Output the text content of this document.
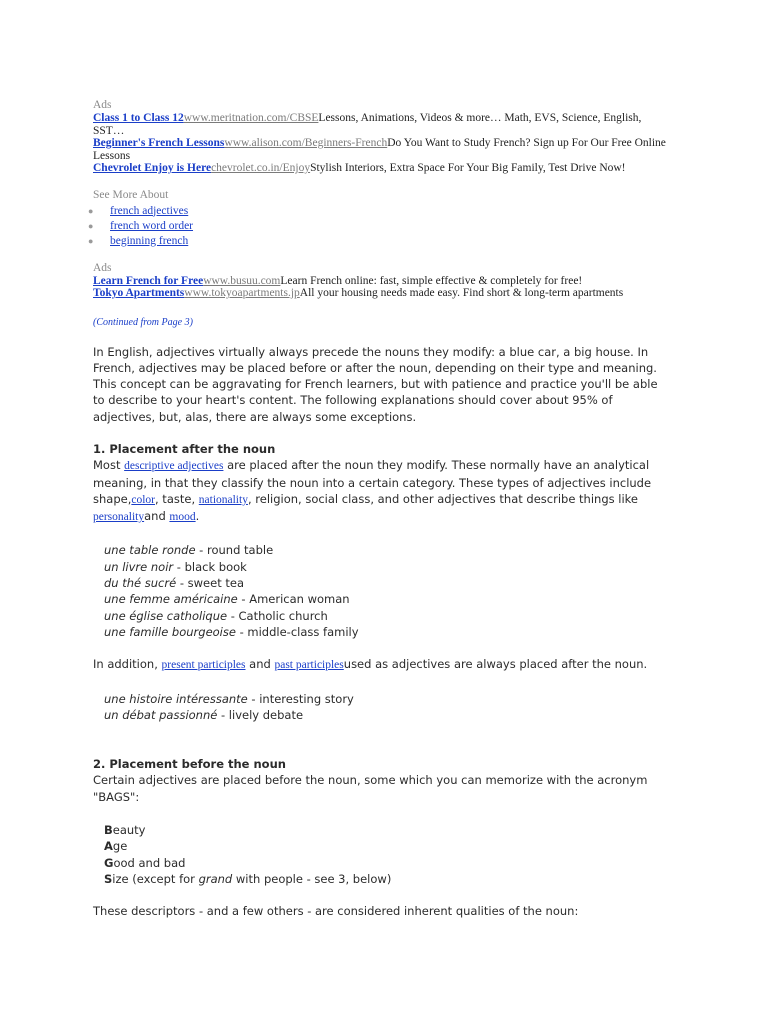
Ads
Class 1 to Class 12www.meritnation.com/CBSELessons, Animations, Videos & more… Math, EVS, Science, English, SST…
Beginner's French Lessonswww.alison.com/Beginners-FrenchDo You Want to Study French? Sign up For Our Free Online Lessons
Chevrolet Enjoy is Herechevrolet.co.in/EnjoyStylish Interiors, Extra Space For Your Big Family, Test Drive Now!
See More About
● french adjectives
● french word order
● beginning french
Ads
Learn French for Freewww.busuu.comLearn French online: fast, simple effective & completely for free!
Tokyo Apartmentswww.tokyoapartments.jpAll your housing needs made easy. Find short & long-term apartments
(Continued from Page 3)

In English, adjectives virtually always precede the nouns they modify: a blue car, a big house. In French, adjectives may be placed before or after the noun, depending on their type and meaning. This concept can be aggravating for French learners, but with patience and practice you'll be able to describe to your heart's content. The following explanations should cover about 95% of adjectives, but, alas, there are always some exceptions.

1. Placement after the noun

Most descriptive adjectives are placed after the noun they modify. These normally have an analytical meaning, in that they classify the noun into a certain category. These types of adjectives include shape,color, taste, nationality, religion, social class, and other adjectives that describe things like personalityand mood.

une table ronde - round table
un livre noir - black book
du thé sucré - sweet tea
une femme américaine - American woman
une église catholique - Catholic church
une famille bourgeoise - middle-class family

In addition, present participles and past participlesused as adjectives are always placed after the noun.

une histoire intéressante - interesting story
un débat passionné - lively debate

2. Placement before the noun

Certain adjectives are placed before the noun, some which you can memorize with the acronym "BAGS":

Beauty
Age
Good and bad
Size (except for grand with people - see 3, below)

These descriptors - and a few others - are considered inherent qualities of the noun:
